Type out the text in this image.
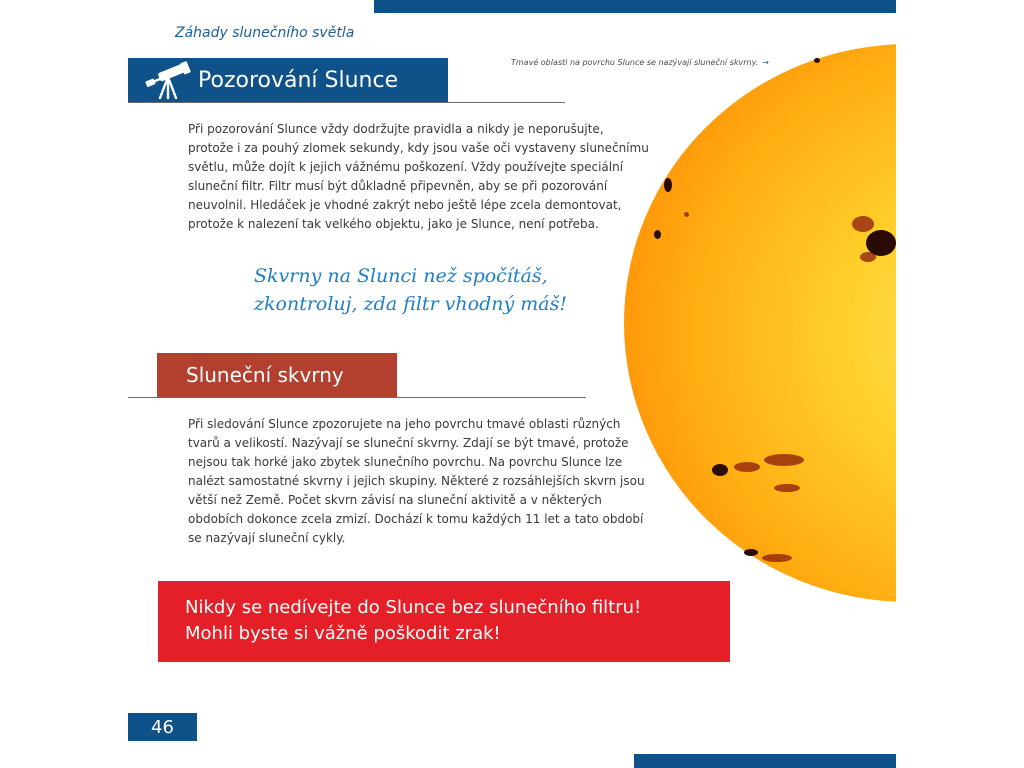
Záhady slunečního světla
Tmavé oblasti na povrchu Slunce se nazývají sluneční skvrny. →
Pozorování Slunce

Při pozorování Slunce vždy dodržujte pravidla a nikdy je neporušujte, protože i za pouhý zlomek sekundy, kdy jsou vaše oči vystaveny slunečnímu světlu, může dojít k jejich vážnému poškození. Vždy používejte speciální sluneční filtr. Filtr musí být důkladně připevněn, aby se při pozorování neuvolnil. Hledáček je vhodné zakrýt nebo ještě lépe zcela demontovat, protože k nalezení tak velkého objektu, jako je Slunce, není potřeba.

Skvrny na Slunci než spočítáš,
zkontroluj, zda filtr vhodný máš!
Sluneční skvrny

Při sledování Slunce zpozorujete na jeho povrchu tmavé oblasti různých tvarů a velikostí. Nazývají se sluneční skvrny. Zdají se být tmavé, protože nejsou tak horké jako zbytek slunečního povrchu. Na povrchu Slunce lze nalézt samostatné skvrny i jejich skupiny. Některé z rozsáhlejších skvrn jsou větší než Země. Počet skvrn závisí na sluneční aktivitě a v některých obdobích dokonce zcela zmizí. Dochází k tomu každých 11 let a tato období se nazývají sluneční cykly.

Nikdy se nedívejte do Slunce bez slunečního filtru!
Mohli byste si vážně poškodit zrak!
46
